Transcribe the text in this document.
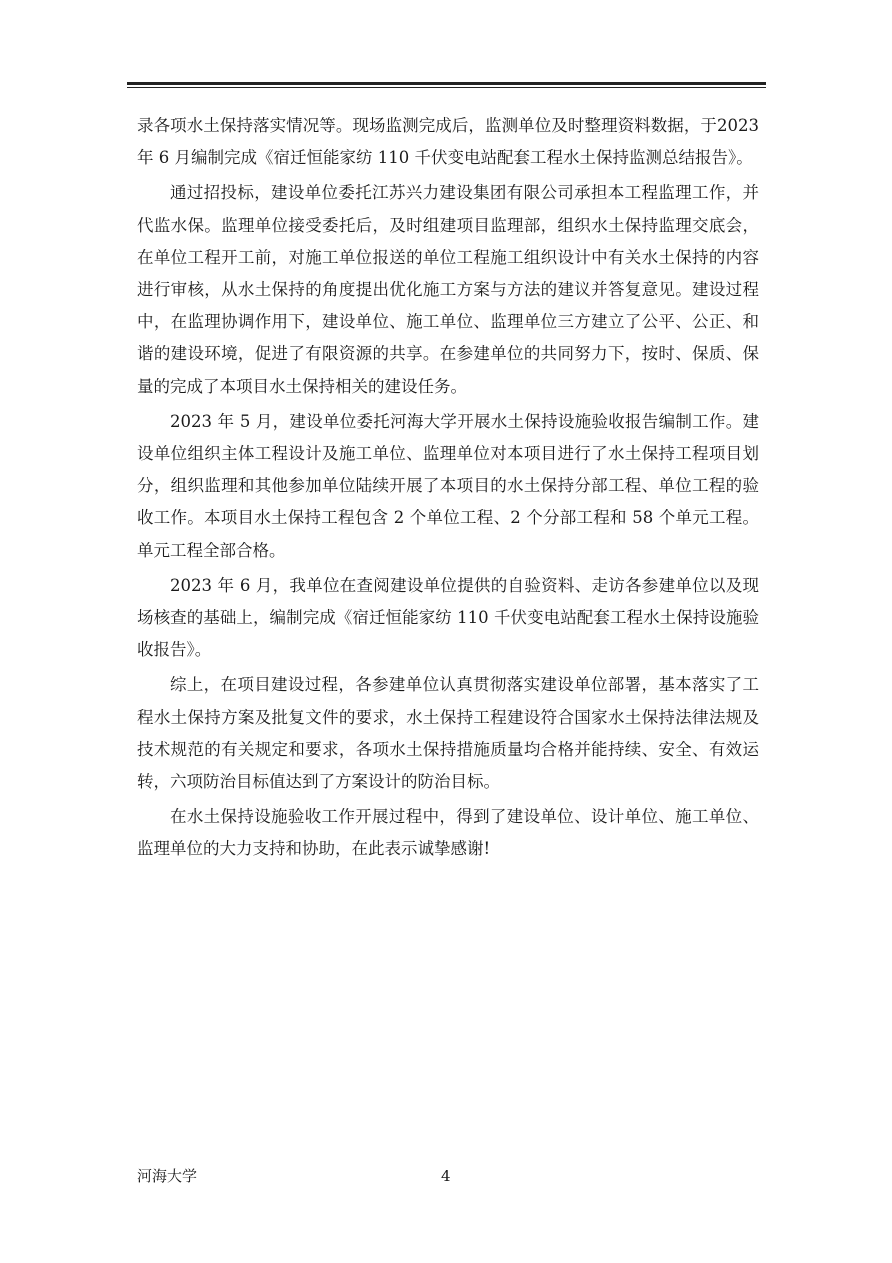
录各项水土保持落实情况等。现场监测完成后，监测单位及时整理资料数据，于2023 年 6 月编制完成《宿迁恒能家纺 110 千伏变电站配套工程水土保持监测总结报告》。

通过招投标，建设单位委托江苏兴力建设集团有限公司承担本工程监理工作，并代监水保。监理单位接受委托后，及时组建项目监理部，组织水土保持监理交底会，在单位工程开工前，对施工单位报送的单位工程施工组织设计中有关水土保持的内容进行审核，从水土保持的角度提出优化施工方案与方法的建议并答复意见。建设过程中，在监理协调作用下，建设单位、施工单位、监理单位三方建立了公平、公正、和谐的建设环境，促进了有限资源的共享。在参建单位的共同努力下，按时、保质、保量的完成了本项目水土保持相关的建设任务。

2023 年 5 月，建设单位委托河海大学开展水土保持设施验收报告编制工作。建设单位组织主体工程设计及施工单位、监理单位对本项目进行了水土保持工程项目划分，组织监理和其他参加单位陆续开展了本项目的水土保持分部工程、单位工程的验收工作。本项目水土保持工程包含 2 个单位工程、2 个分部工程和 58 个单元工程。单元工程全部合格。

2023 年 6 月，我单位在查阅建设单位提供的自验资料、走访各参建单位以及现场核查的基础上，编制完成《宿迁恒能家纺 110 千伏变电站配套工程水土保持设施验收报告》。

综上，在项目建设过程，各参建单位认真贯彻落实建设单位部署，基本落实了工程水土保持方案及批复文件的要求，水土保持工程建设符合国家水土保持法律法规及技术规范的有关规定和要求，各项水土保持措施质量均合格并能持续、安全、有效运转，六项防治目标值达到了方案设计的防治目标。

在水土保持设施验收工作开展过程中，得到了建设单位、设计单位、施工单位、监理单位的大力支持和协助，在此表示诚挚感谢!

河海大学	4
